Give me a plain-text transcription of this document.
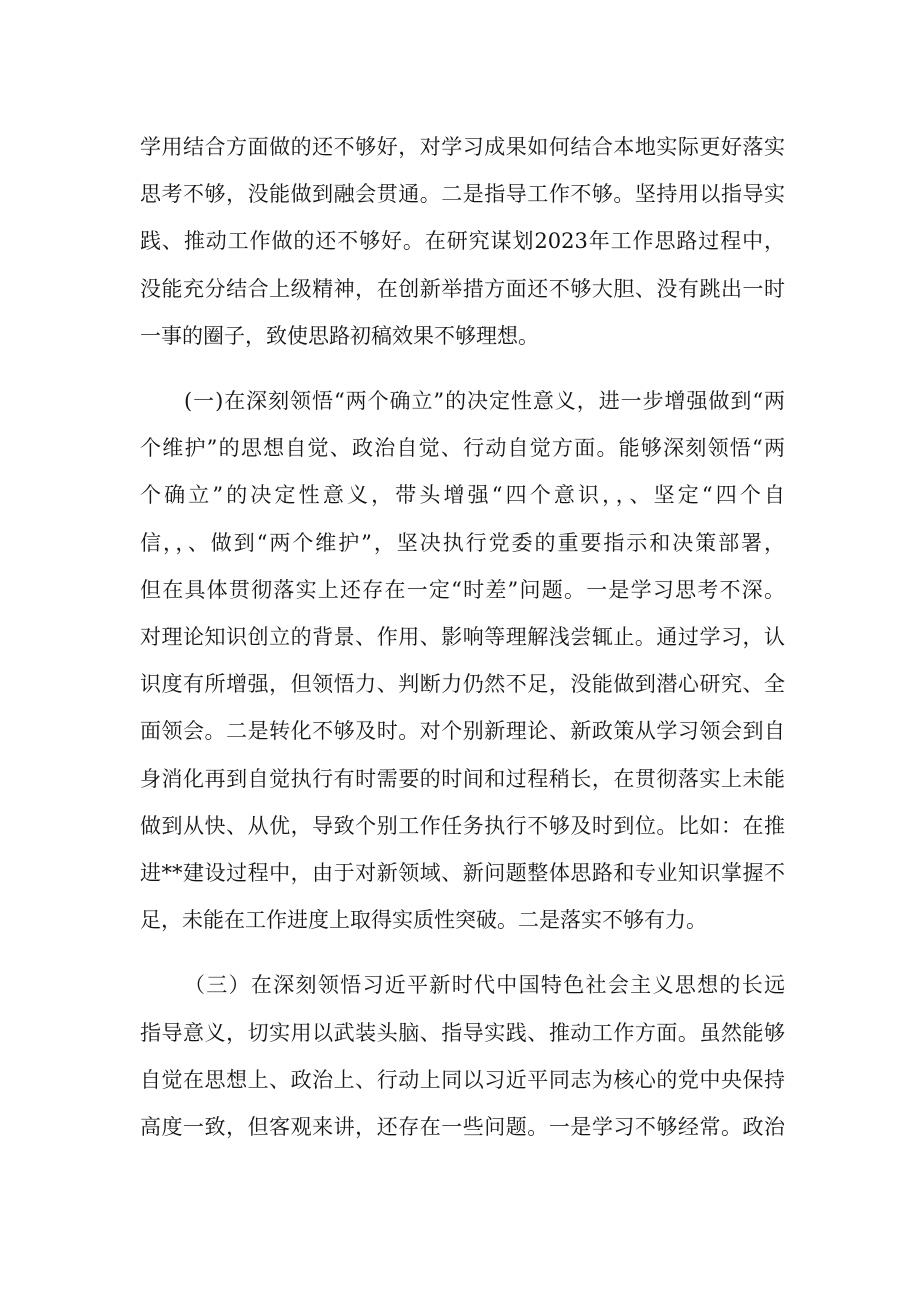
学用结合方面做的还不够好，对学习成果如何结合本地实际更好落实
思考不够，没能做到融会贯通。二是指导工作不够。坚持用以指导实
践、推动工作做的还不够好。在研究谋划2023年工作思路过程中，
没能充分结合上级精神，在创新举措方面还不够大胆、没有跳出一时
一事的圈子，致使思路初稿效果不够理想。
(一)在深刻领悟“两个确立”的决定性意义，进一步增强做到“两
个维护”的思想自觉、政治自觉、行动自觉方面。能够深刻领悟“两
个确立”的决定性意义，带头增强“四个意识，，、坚定“四个自
信，，、做到“两个维护”，坚决执行党委的重要指示和决策部署，
但在具体贯彻落实上还存在一定“时差”问题。一是学习思考不深。
对理论知识创立的背景、作用、影响等理解浅尝辄止。通过学习，认
识度有所增强，但领悟力、判断力仍然不足，没能做到潜心研究、全
面领会。二是转化不够及时。对个别新理论、新政策从学习领会到自
身消化再到自觉执行有时需要的时间和过程稍长，在贯彻落实上未能
做到从快、从优，导致个别工作任务执行不够及时到位。比如：在推
进**建设过程中，由于对新领域、新问题整体思路和专业知识掌握不
足，未能在工作进度上取得实质性突破。二是落实不够有力。
（三）在深刻领悟习近平新时代中国特色社会主义思想的长远
指导意义，切实用以武装头脑、指导实践、推动工作方面。虽然能够
自觉在思想上、政治上、行动上同以习近平同志为核心的党中央保持
高度一致，但客观来讲，还存在一些问题。一是学习不够经常。政治
